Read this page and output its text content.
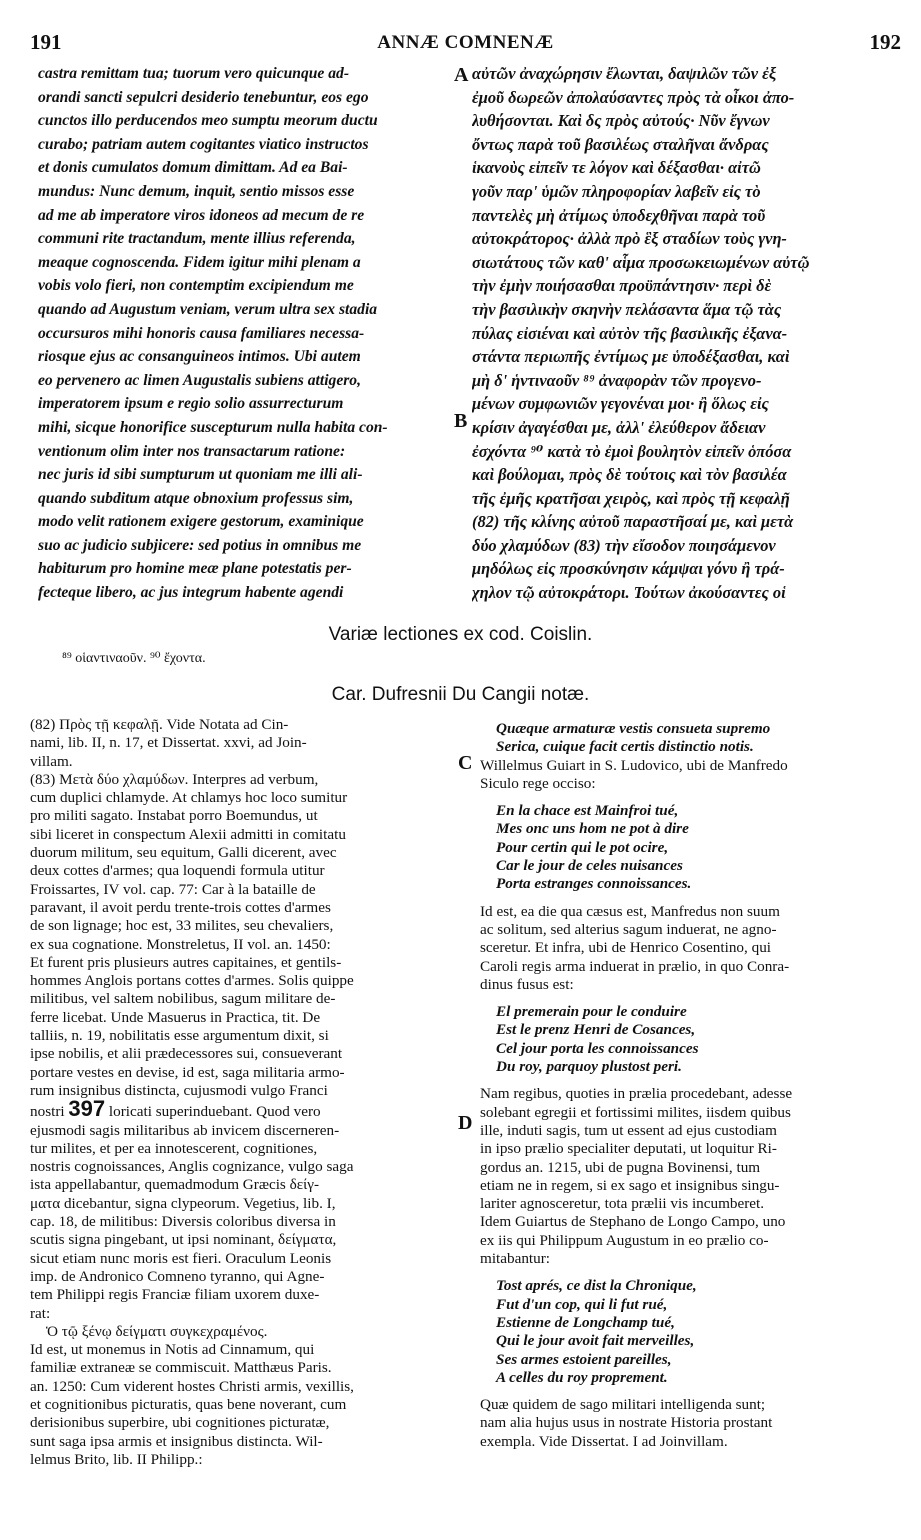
191	ANNÆ COMNENÆ	192
castra remittam tua; tuorum vero quicunque ad-
orandi sancti sepulcri desiderio tenebuntur, eos ego
cunctos illo perducendos meo sumptu meorum ductu
curabo; patriam autem cogitantes viatico instructos
et donis cumulatos domum dimittam. Ad ea Bai-
mundus: Nunc demum, inquit, sentio missos esse
ad me ab imperatore viros idoneos ad mecum de re
communi rite tractandum, mente illius referenda,
meaque cognoscenda. Fidem igitur mihi plenam a
vobis volo fieri, non contemptim excipiendum me
quando ad Augustum veniam, verum ultra sex stadia
occursuros mihi honoris causa familiares necessa-
riosque ejus ac consanguineos intimos. Ubi autem
eo pervenero ac limen Augustalis subiens attigero,
imperatorem ipsum e regio solio assurrecturum
mihi, sicque honorifice suscepturum nulla habita con-
ventionum olim inter nos transactarum ratione:
nec juris id sibi sumpturum ut quoniam me illi ali-
quando subditum atque obnoxium professus sim,
modo velit rationem exigere gestorum, examinique
suo ac judicio subjicere: sed potius in omnibus me
habiturum pro homine meæ plane potestatis per-
fecteque libero, ac jus integrum habente agendi
αὐτῶν ἀναχώρησιν ἔλωνται, δαψιλῶν τῶν ἐξ
ἐμοῦ δωρεῶν ἀπολαύσαντες πρὸς τὰ οἶκοι ἀπο-
λυθήσονται. Καὶ δς πρὸς αὐτούς· Νῦν ἔγνων
ὄντως παρὰ τοῦ βασιλέως σταλῆναι ἄνδρας
ἱκανοὺς εἰπεῖν τε λόγον καὶ δέξασθαι· αἰτῶ
γοῦν παρ' ὑμῶν πληροφορίαν λαβεῖν εἰς τὸ
παντελὲς μὴ ἀτίμως ὑποδεχθῆναι παρὰ τοῦ
αὐτοκράτορος· ἀλλὰ πρὸ ἓξ σταδίων τοὺς γνη-
σιωτάτους τῶν καθ' αἷμα προσωκειωμένων αὐτῷ
τὴν ἐμὴν ποιήσασθαι προϋπάντησιν· περὶ δὲ
τὴν βασιλικὴν σκηνὴν πελάσαντα ἅμα τῷ τὰς
πύλας εἰσιέναι καὶ αὐτὸν τῆς βασιλικῆς ἐξανα-
στάντα περιωπῆς ἐντίμως με ὑποδέξασθαι, καὶ
μὴ δ' ἡντιναοῦν ⁸⁹ ἀναφορὰν τῶν προγενο-
μένων συμφωνιῶν γεγονέναι μοι· ἢ ὅλως εἰς
κρίσιν ἀγαγέσθαι με, ἀλλ' ἐλεύθερον ἄδειαν
ἐσχόντα ⁹⁰ κατὰ τὸ ἐμοὶ βουλητὸν εἰπεῖν ὁπόσα
καὶ βούλομαι, πρὸς δὲ τούτοις καὶ τὸν βασιλέα
τῆς ἐμῆς κρατῆσαι χειρὸς, καὶ πρὸς τῇ κεφαλῇ
(82) τῆς κλίνης αὐτοῦ παραστῆσαί με, καὶ μετὰ
δύο χλαμύδων (83) τὴν εἴσοδον ποιησάμενον
μηδόλως εἰς προσκύνησιν κάμψαι γόνυ ἢ τρά-
χηλον τῷ αὐτοκράτορι. Τούτων ἀκούσαντες οἱ
A
B
C
D
Variæ lectiones ex cod. Coislin.
⁸⁹ οἱαντιναοῦν. ⁹⁰ ἔχοντα.
Car. Dufresnii Du Cangii notæ.
(82) Πρὸς τῇ κεφαλῇ. Vide Notata ad Cin-
nami, lib. II, n. 17, et Dissertat. xxvi, ad Join-
villam.
(83) Μετὰ δύο χλαμύδων. Interpres ad verbum,
cum duplici chlamyde. At chlamys hoc loco sumitur
pro militi sagato. Instabat porro Boemundus, ut
sibi liceret in conspectum Alexii admitti in comitatu
duorum militum, seu equitum, Galli dicerent, avec
deux cottes d'armes; qua loquendi formula utitur
Froissartes, IV vol. cap. 77: Car à la bataille de
paravant, il avoit perdu trente-trois cottes d'armes
de son lignage; hoc est, 33 milites, seu chevaliers,
ex sua cognatione. Monstreletus, II vol. an. 1450:
Et furent pris plusieurs autres capitaines, et gentils-
hommes Anglois portans cottes d'armes. Solis quippe
militibus, vel saltem nobilibus, sagum militare de-
ferre licebat. Unde Masuerus in Practica, tit. De
talliis, n. 19, nobilitatis esse argumentum dixit, si
ipse nobilis, et alii prædecessores sui, consueverant
portare vestes en devise, id est, saga militaria armo-
rum insignibus distincta, cujusmodi vulgo Franci
nostri 397 loricati superinduebant. Quod vero
ejusmodi sagis militaribus ab invicem discerneren-
tur milites, et per ea innotescerent, cognitiones,
nostris cognoissances, Anglis cognizance, vulgo saga
ista appellabantur, quemadmodum Græcis δείγ-
ματα dicebantur, signa clypeorum. Vegetius, lib. I,
cap. 18, de militibus: Diversis coloribus diversa in
scutis signa pingebant, ut ipsi nominant, δείγματα,
sicut etiam nunc moris est fieri. Oraculum Leonis
imp. de Andronico Comneno tyranno, qui Agne-
tem Philippi regis Franciæ filiam uxorem duxe-
rat:
Ὁ τῷ ξένῳ δείγματι συγκεχραμένος.
Id est, ut monemus in Notis ad Cinnamum, qui
familiæ extraneæ se commiscuit. Matthæus Paris.
an. 1250: Cum viderent hostes Christi armis, vexillis,
et cognitionibus picturatis, quas bene noverant, cum
derisionibus superbire, ubi cognitiones picturatæ,
sunt saga ipsa armis et insignibus distincta. Wil-
lelmus Brito, lib. II Philipp.:
Quæque armaturæ vestis consueta supremo
Serica, cuique facit certis distinctio notis.
Willelmus Guiart in S. Ludovico, ubi de Manfredo
Siculo rege occiso:
En la chace est Mainfroi tué,
Mes onc uns hom ne pot à dire
Pour certin qui le pot ocire,
Car le jour de celes nuisances
Porta estranges connoissances.
Id est, ea die qua cæsus est, Manfredus non suum
ac solitum, sed alterius sagum induerat, ne agno-
sceretur. Et infra, ubi de Henrico Cosentino, qui
Caroli regis arma induerat in prælio, in quo Conra-
dinus fusus est:
El premerain pour le conduire
Est le prenz Henri de Cosances,
Cel jour porta les connoissances
Du roy, parquoy plustost peri.
Nam regibus, quoties in prælia procedebant, adesse
solebant egregii et fortissimi milites, iisdem quibus
ille, induti sagis, tum ut essent ad ejus custodiam
in ipso prælio specialiter deputati, ut loquitur Ri-
gordus an. 1215, ubi de pugna Bovinensi, tum
etiam ne in regem, si ex sago et insignibus singu-
lariter agnosceretur, tota prælii vis incumberet.
Idem Guiartus de Stephano de Longo Campo, uno
ex iis qui Philippum Augustum in eo prælio co-
mitabantur:
Tost aprés, ce dist la Chronique,
Fut d'un cop, qui li fut rué,
Estienne de Longchamp tué,
Qui le jour avoit fait merveilles,
Ses armes estoient pareilles,
A celles du roy proprement.
Quæ quidem de sago militari intelligenda sunt;
nam alia hujus usus in nostrate Historia prostant
exempla. Vide Dissertat. I ad Joinvillam.
